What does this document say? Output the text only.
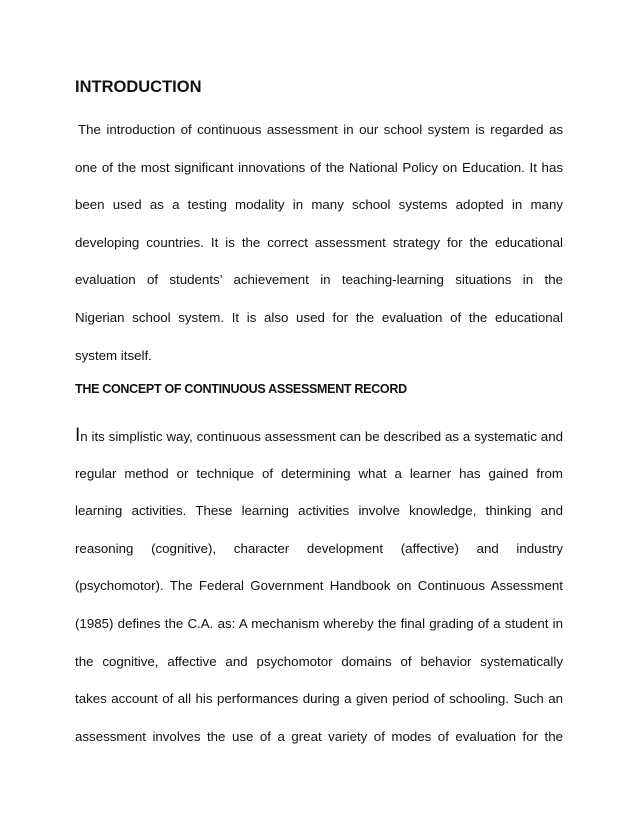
INTRODUCTION
The introduction of continuous assessment in our school system is regarded as
one of the most significant innovations of the National Policy on Education. It has
been used as a testing modality in many school systems adopted in many
developing countries. It is the correct assessment strategy for the educational
evaluation of students’ achievement in teaching-learning situations in the
Nigerian school system. It is also used for the evaluation of the educational
system itself.
THE CONCEPT OF CONTINUOUS ASSESSMENT RECORD
In its simplistic way, continuous assessment can be described as a systematic and
regular method or technique of determining what a learner has gained from
learning activities. These learning activities involve knowledge, thinking and
reasoning (cognitive), character development (affective) and industry
(psychomotor). The Federal Government Handbook on Continuous Assessment
(1985) defines the C.A. as: A mechanism whereby the final grading of a student in
the cognitive, affective and psychomotor domains of behavior systematically
takes account of all his performances during a given period of schooling. Such an
assessment involves the use of a great variety of modes of evaluation for the
